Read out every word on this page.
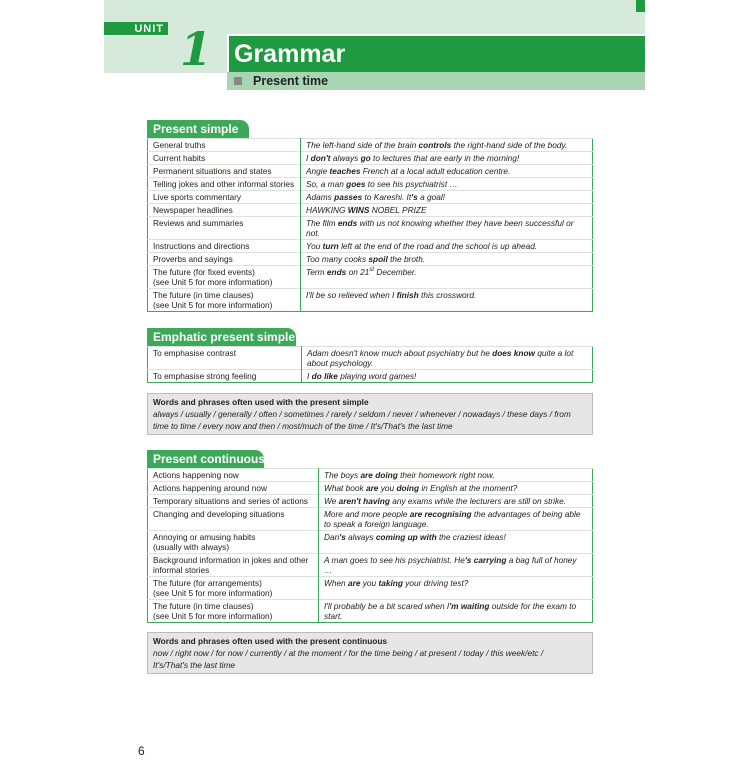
UNIT 1 Grammar
Present time
Present simple
General truths	The left-hand side of the brain controls the right-hand side of the body.
Current habits	I don't always go to lectures that are early in the morning!
Permanent situations and states	Angie teaches French at a local adult education centre.
Telling jokes and other informal stories	So, a man goes to see his psychiatrist …
Live sports commentary	Adams passes to Kareshi. It's a goal!
Newspaper headlines	HAWKING WINS NOBEL PRIZE
Reviews and summaries	The film ends with us not knowing whether they have been successful or not.
Instructions and directions	You turn left at the end of the road and the school is up ahead.
Proverbs and sayings	Too many cooks spoil the broth.
The future (for fixed events)
(see Unit 5 for more information)	Term ends on 21st December.
The future (in time clauses)
(see Unit 5 for more information)	I'll be so relieved when I finish this crossword.
Emphatic present simple
To emphasise contrast	Adam doesn't know much about psychiatry but he does know quite a lot
about psychology.
To emphasise strong feeling	I do like playing word games!
Words and phrases often used with the present simple
always / usually / generally / often / sometimes / rarely / seldom / never / whenever / nowadays / these days / from time to time / every now and then / most/much of the time / It's/That's the last time
Present continuous
Actions happening now	The boys are doing their homework right now.
Actions happening around now	What book are you doing in English at the moment?
Temporary situations and series of actions	We aren't having any exams while the lecturers are still on strike.
Changing and developing situations	More and more people are recognising the advantages of being able to speak a foreign language.
Annoying or amusing habits
(usually with always)	Dan's always coming up with the craziest ideas!
Background information in jokes and other informal stories	A man goes to see his psychiatrist. He's carrying a bag full of honey …
The future (for arrangements)
(see Unit 5 for more information)	When are you taking your driving test?
The future (in time clauses)
(see Unit 5 for more information)	I'll probably be a bit scared when I'm waiting outside for the exam to start.
Words and phrases often used with the present continuous
now / right now / for now / currently / at the moment / for the time being / at present / today / this week/etc /
It's/That's the last time
6
